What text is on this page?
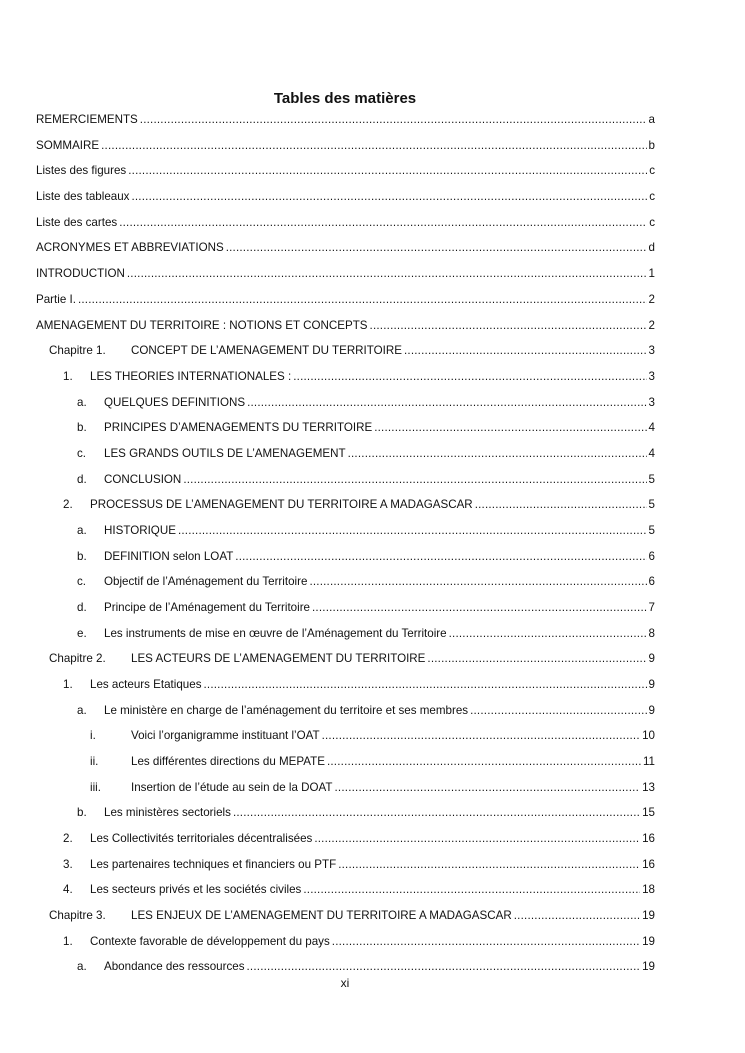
Tables des matières
REMERCIEMENTS .....	a
SOMMAIRE .....	b
Listes des figures .....	c
Liste des tableaux .....	c
Liste des cartes .....	c
ACRONYMES ET ABBREVIATIONS .....	d
INTRODUCTION .....	1
Partie I. .....	2
AMENAGEMENT DU TERRITOIRE : NOTIONS ET CONCEPTS .....	2
Chapitre 1.	CONCEPT DE L’AMENAGEMENT DU TERRITOIRE .....	3
1.	LES THEORIES INTERNATIONALES : .....	3
a.	QUELQUES DEFINITIONS .....	3
b.	PRINCIPES D’AMENAGEMENTS DU TERRITOIRE .....	4
c.	LES GRANDS OUTILS DE L’AMENAGEMENT .....	4
d.	CONCLUSION .....	5
2.	PROCESSUS DE L’AMENAGEMENT DU TERRITOIRE A MADAGASCAR .....	5
a.	HISTORIQUE .....	5
b.	DEFINITION selon LOAT .....	6
c.	Objectif de l’Aménagement du Territoire .....	6
d.	Principe de l’Aménagement du Territoire .....	7
e.	Les instruments de mise en œuvre de l’Aménagement du Territoire .....	8
Chapitre 2.	LES ACTEURS DE L’AMENAGEMENT DU TERRITOIRE .....	9
1.	Les acteurs Etatiques .....	9
a.	Le ministère en charge de l’aménagement du territoire et ses membres .....	9
i.	Voici l’organigramme instituant l’OAT .....	10
ii.	Les différentes directions du MEPATE .....	11
iii.	Insertion de l’étude au sein de la DOAT .....	13
b.	Les ministères sectoriels .....	15
2.	Les Collectivités territoriales décentralisées .....	16
3.	Les partenaires techniques et financiers ou PTF .....	16
4.	Les secteurs privés et les sociétés civiles .....	18
Chapitre 3.	LES ENJEUX DE L’AMENAGEMENT DU TERRITOIRE A MADAGASCAR .....	19
1.	Contexte favorable de développement du pays .....	19
a.	Abondance des ressources .....	19
xi
